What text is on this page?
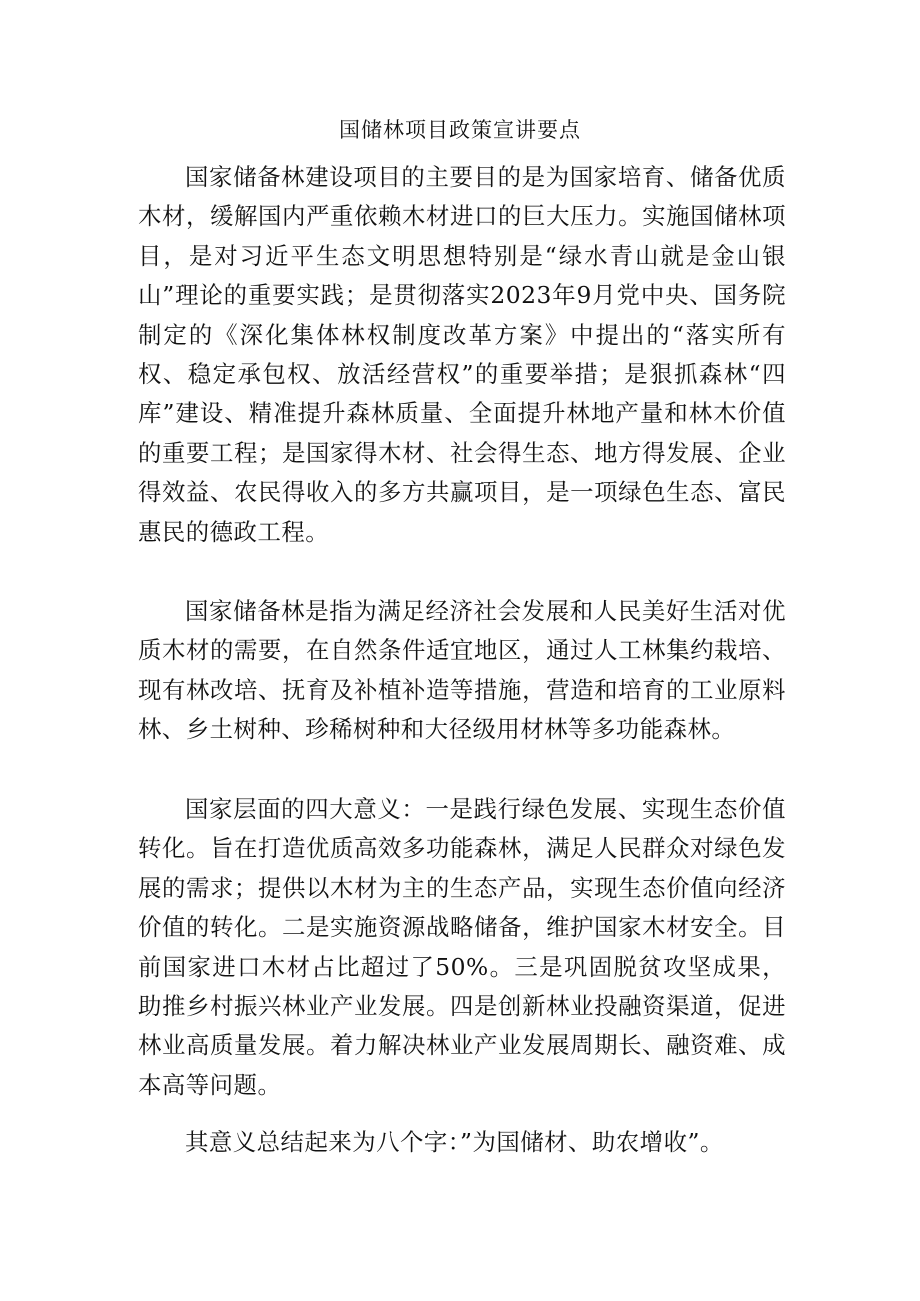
国储林项目政策宣讲要点

国家储备林建设项目的主要目的是为国家培育、储备优质木材，缓解国内严重依赖木材进口的巨大压力。实施国储林项目，是对习近平生态文明思想特别是“绿水青山就是金山银山”理论的重要实践；是贯彻落实2023年9月党中央、国务院制定的《深化集体林权制度改革方案》中提出的“落实所有权、稳定承包权、放活经营权”的重要举措；是狠抓森林“四库”建设、精准提升森林质量、全面提升林地产量和林木价值的重要工程；是国家得木材、社会得生态、地方得发展、企业得效益、农民得收入的多方共赢项目，是一项绿色生态、富民惠民的德政工程。

国家储备林是指为满足经济社会发展和人民美好生活对优质木材的需要，在自然条件适宜地区，通过人工林集约栽培、现有林改培、抚育及补植补造等措施，营造和培育的工业原料林、乡土树种、珍稀树种和大径级用材林等多功能森林。

国家层面的四大意义：一是践行绿色发展、实现生态价值转化。旨在打造优质高效多功能森林，满足人民群众对绿色发展的需求；提供以木材为主的生态产品，实现生态价值向经济价值的转化。二是实施资源战略储备，维护国家木材安全。目前国家进口木材占比超过了50%。三是巩固脱贫攻坚成果，助推乡村振兴林业产业发展。四是创新林业投融资渠道，促进林业高质量发展。着力解决林业产业发展周期长、融资难、成本高等问题。

其意义总结起来为八个字：”为国储材、助农增收”。
